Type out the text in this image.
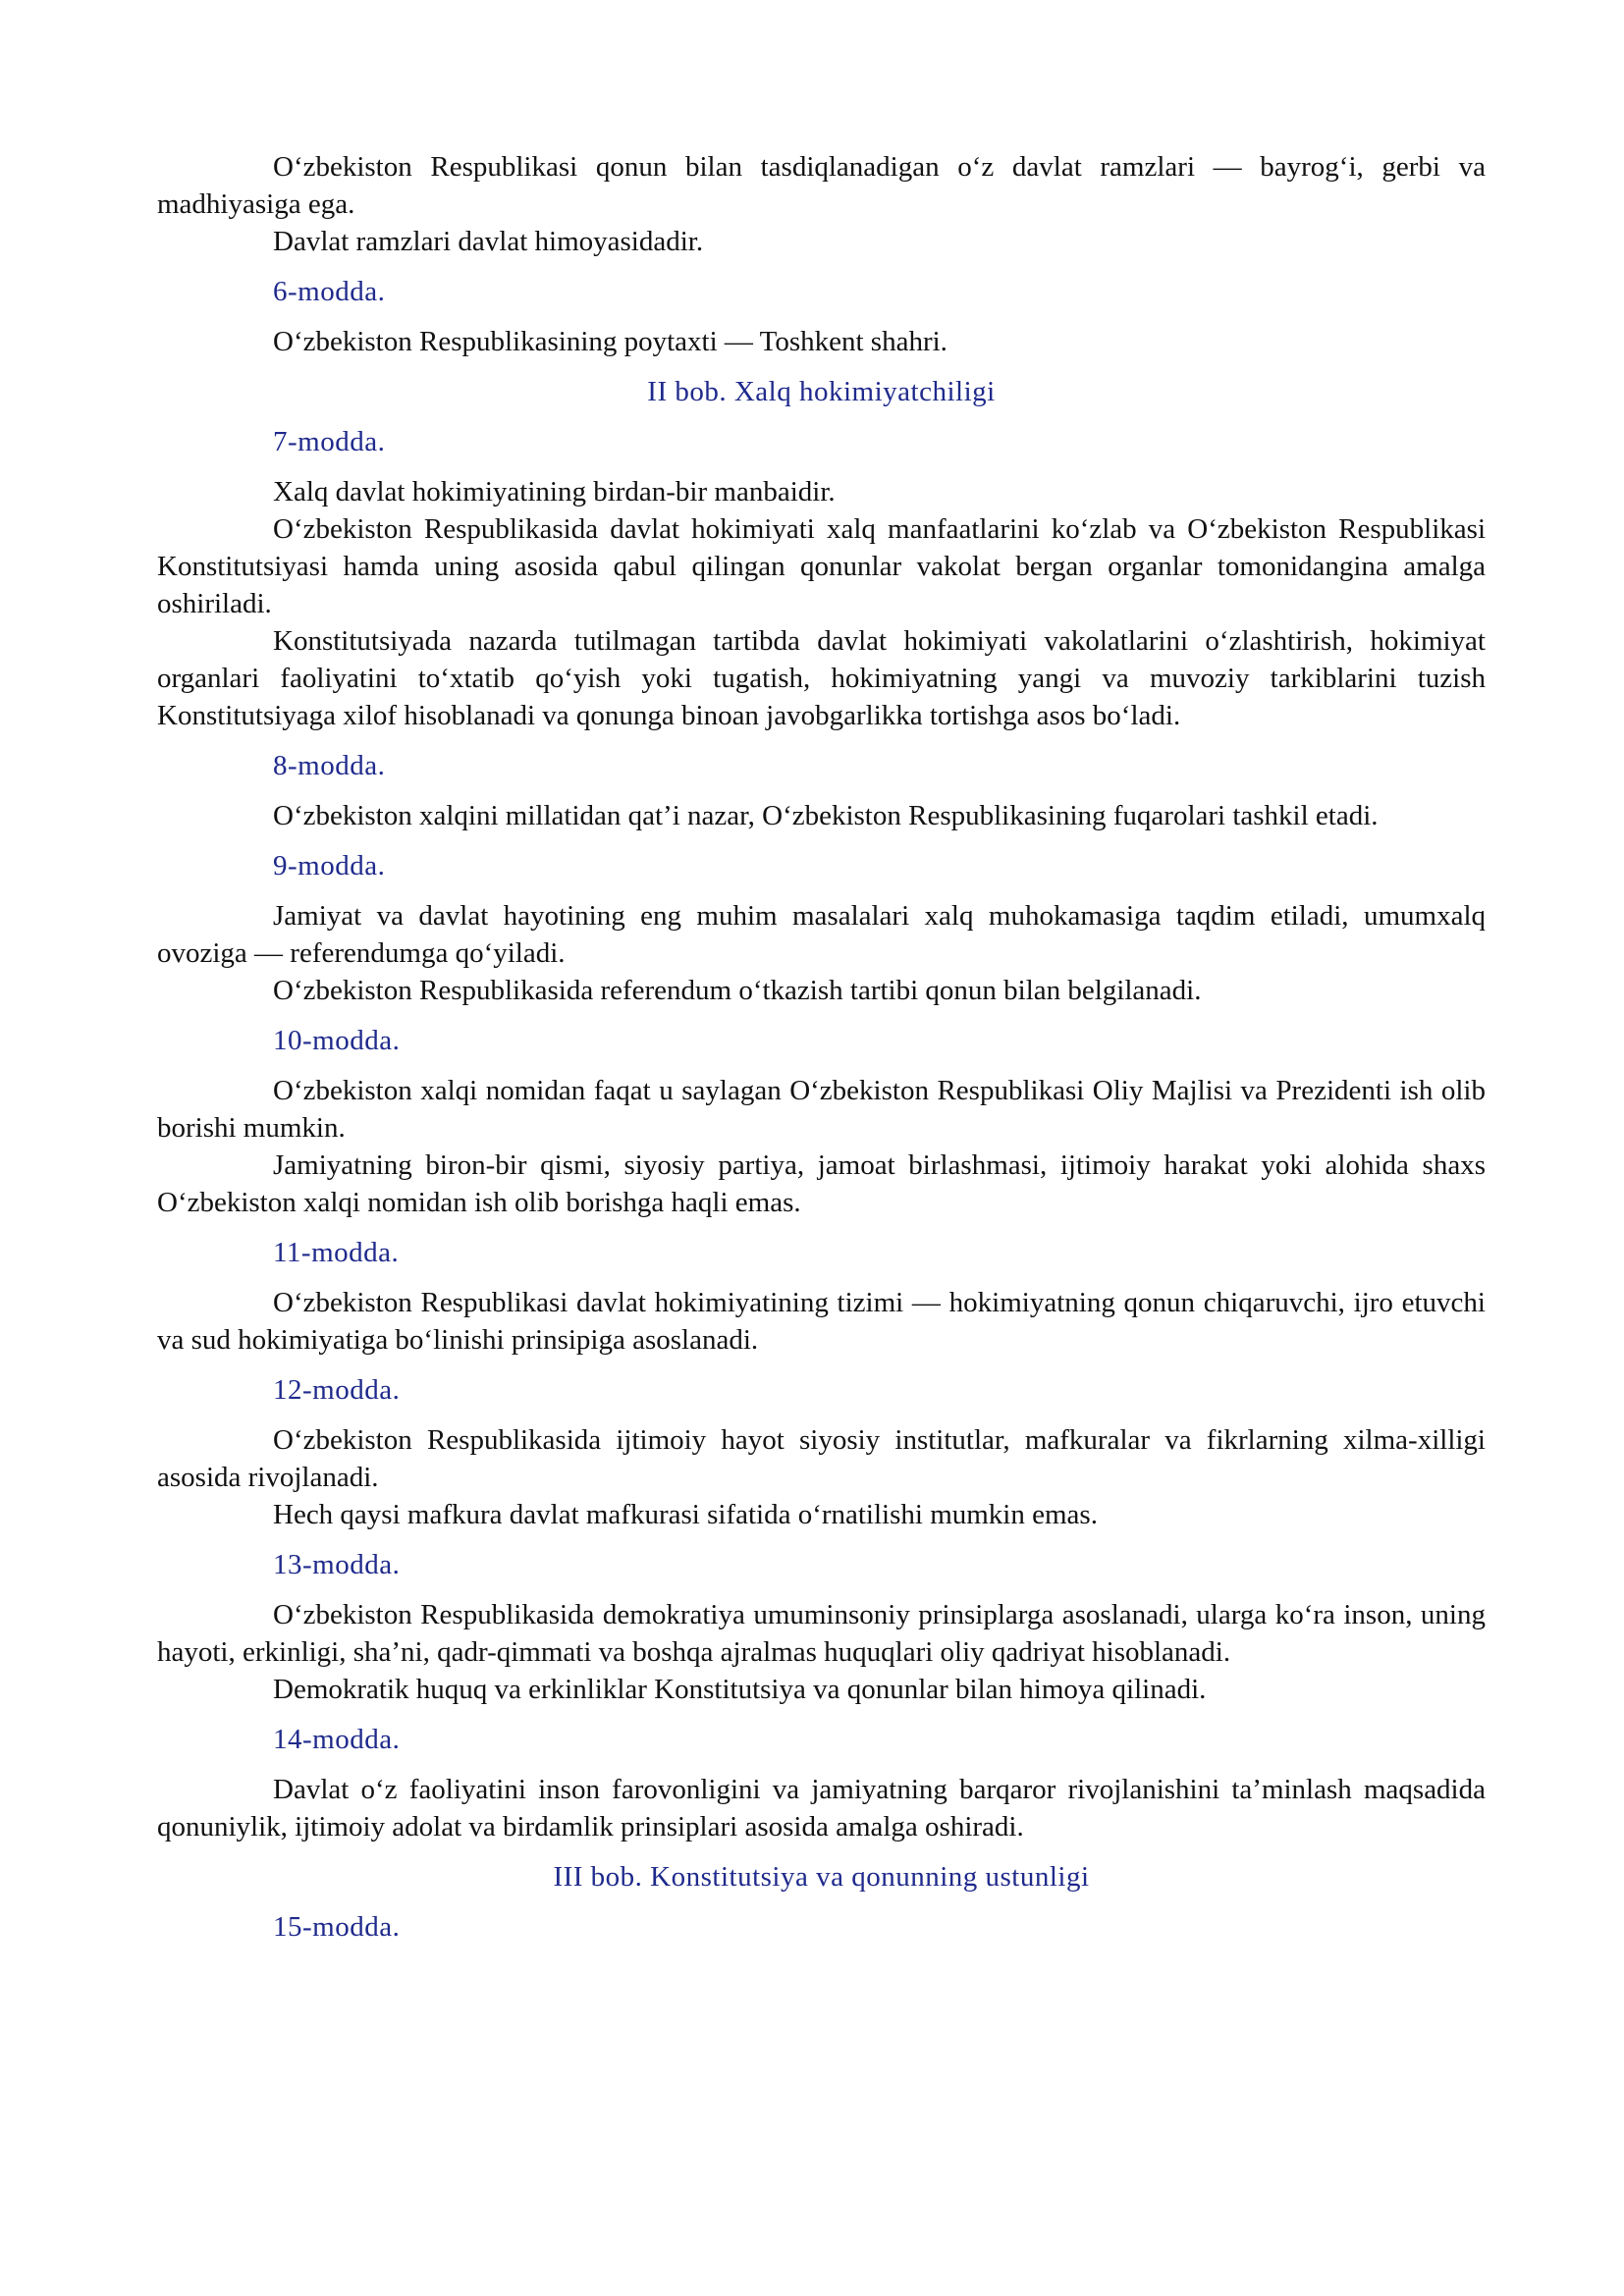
O‘zbekiston Respublikasi qonun bilan tasdiqlanadigan o‘z davlat ramzlari — bayrog‘i, gerbi va madhiyasiga ega.

Davlat ramzlari davlat himoyasidadir.

6-modda.

O‘zbekiston Respublikasining poytaxti — Toshkent shahri.

II bob. Xalq hokimiyatchiligi
7-modda.

Xalq davlat hokimiyatining birdan-bir manbaidir.

O‘zbekiston Respublikasida davlat hokimiyati xalq manfaatlarini ko‘zlab va O‘zbekiston Respublikasi Konstitutsiyasi hamda uning asosida qabul qilingan qonunlar vakolat bergan organlar tomonidangina amalga oshiriladi.

Konstitutsiyada nazarda tutilmagan tartibda davlat hokimiyati vakolatlarini o‘zlashtirish, hokimiyat organlari faoliyatini to‘xtatib qo‘yish yoki tugatish, hokimiyatning yangi va muvoziy tarkiblarini tuzish Konstitutsiyaga xilof hisoblanadi va qonunga binoan javobgarlikka tortishga asos bo‘ladi.

8-modda.

O‘zbekiston xalqini millatidan qat’i nazar, O‘zbekiston Respublikasining fuqarolari tashkil etadi.

9-modda.

Jamiyat va davlat hayotining eng muhim masalalari xalq muhokamasiga taqdim etiladi, umumxalq ovoziga — referendumga qo‘yiladi.

O‘zbekiston Respublikasida referendum o‘tkazish tartibi qonun bilan belgilanadi.

10-modda.

O‘zbekiston xalqi nomidan faqat u saylagan O‘zbekiston Respublikasi Oliy Majlisi va Prezidenti ish olib borishi mumkin.

Jamiyatning biron-bir qismi, siyosiy partiya, jamoat birlashmasi, ijtimoiy harakat yoki alohida shaxs O‘zbekiston xalqi nomidan ish olib borishga haqli emas.

11-modda.

O‘zbekiston Respublikasi davlat hokimiyatining tizimi — hokimiyatning qonun chiqaruvchi, ijro etuvchi va sud hokimiyatiga bo‘linishi prinsipiga asoslanadi.

12-modda.

O‘zbekiston Respublikasida ijtimoiy hayot siyosiy institutlar, mafkuralar va fikrlarning xilma-xilligi asosida rivojlanadi.

Hech qaysi mafkura davlat mafkurasi sifatida o‘rnatilishi mumkin emas.

13-modda.

O‘zbekiston Respublikasida demokratiya umuminsoniy prinsiplarga asoslanadi, ularga ko‘ra inson, uning hayoti, erkinligi, sha’ni, qadr-qimmati va boshqa ajralmas huquqlari oliy qadriyat hisoblanadi.

Demokratik huquq va erkinliklar Konstitutsiya va qonunlar bilan himoya qilinadi.

14-modda.

Davlat o‘z faoliyatini inson farovonligini va jamiyatning barqaror rivojlanishini ta’minlash maqsadida qonuniylik, ijtimoiy adolat va birdamlik prinsiplari asosida amalga oshiradi.

III bob. Konstitutsiya va qonunning ustunligi
15-modda.
